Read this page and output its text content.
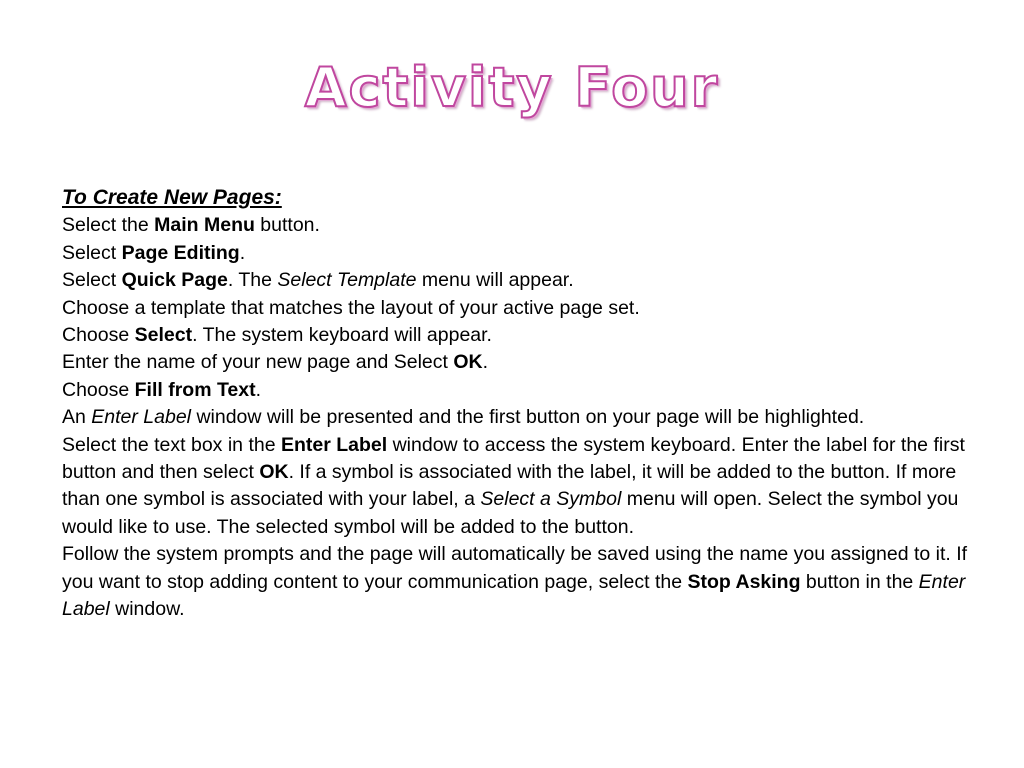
Activity Four
To Create New Pages:
Select the Main Menu button.
Select Page Editing.
Select Quick Page. The Select Template menu will appear.
Choose a template that matches the layout of your active page set.
Choose Select. The system keyboard will appear.
Enter the name of your new page and Select OK.
Choose Fill from Text.
An Enter Label window will be presented and the first button on your page will be highlighted.
Select the text box in the Enter Label window to access the system keyboard. Enter the label for the first button and then select OK. If a symbol is associated with the label, it will be added to the button. If more than one symbol is associated with your label, a Select a Symbol menu will open. Select the symbol you would like to use. The selected symbol will be added to the button.
Follow the system prompts and the page will automatically be saved using the name you assigned to it. If you want to stop adding content to your communication page, select the Stop Asking button in the Enter Label window.
